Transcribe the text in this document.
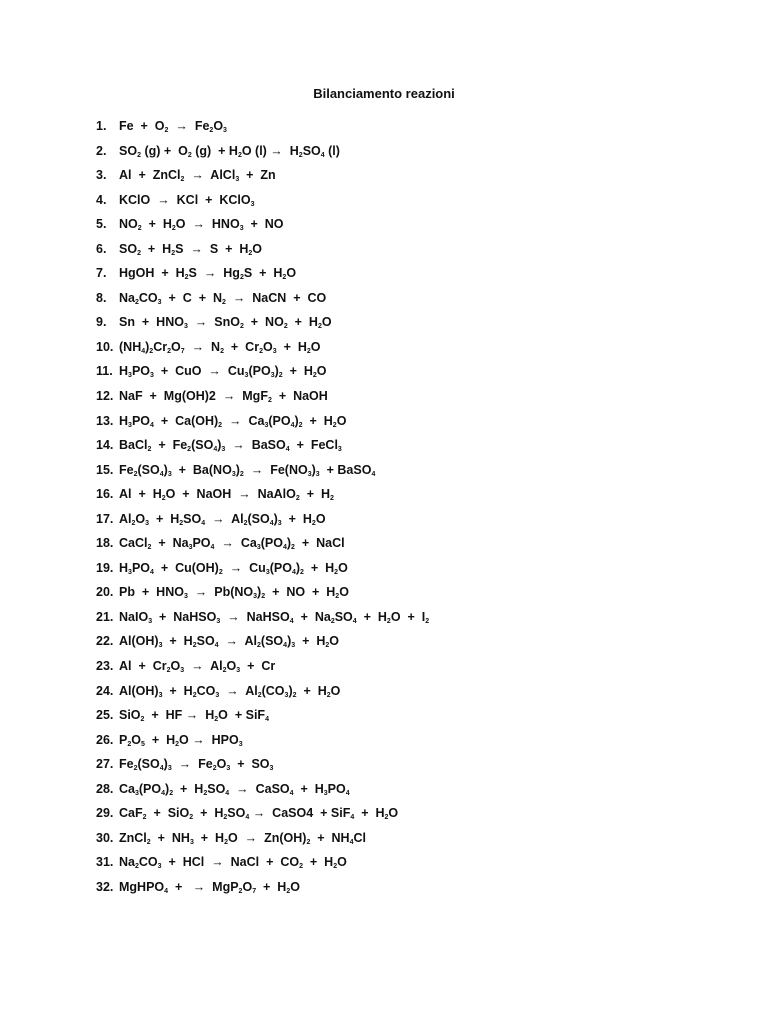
Bilanciamento reazioni
1. $Fe + O_2 \to Fe_2O_3$
2. $SO_2$ $(g) + O_2$ $(g) + H_2O$ $(l) \to H_2SO_4$ (l)
3. Al  +  ZnCl$_2$  →  AlCl$_3$  +  Zn
4. KClO  →  KCl  +  KClO$_3$
5. $NO_2 + H_2O \to HNO_3$  +  NO
6. $SO_2 + H_2S \to S + H_2O$
7. HgOH  +  $H_2S \to Hg_2S + H_2O$
8. $Na_2CO_3 + C + N_2$  →  NaCN  +  CO
9. $Sn + HNO_3 \to SnO_2 + NO_2 + H_2O$
10. $(NH_4)_2Cr_2O_7 \to N_2 + Cr_2O_3 + H_2O$
11. $H_3PO_3$  +  CuO  →  $Cu_3(PO_3)_2 + H_2O$
12. NaF  +  Mg(OH)2  →  MgF$_2$  +  NaOH
13. $H_3PO_4 + Ca(OH)_2 \to Ca_3(PO_4)_2 + H_2O$
14. BaCl$_2$  +  $Fe_2(SO_4)_3$  →  BaSO$_4$  +  FeCl$_3$
15. $Fe_2(SO_4)_3 + Ba(NO_3)_2 \to Fe(NO_3)_3$  + BaSO$_4$
16. $Al + H_2O$  +  NaOH  →  NaAlO$_2$  +  $H_2$
17. $Al_2O_3 + H_2SO_4 \to Al_2(SO_4)_3 + H_2O$
18. CaCl$_2$  +  $Na_3PO_4 \to Ca_3(PO_4)_2$  +  NaCl
19. $H_3PO_4 + Cu(OH)_2 \to Cu_3(PO_4)_2 + H_2O$
20. $Pb + HNO_3 \to Pb(NO_3)_2$  +  NO  +  $H_2O$
21. NaIO$_3$  +  NaHSO$_3$  →  NaHSO$_4$  +  $Na_2SO_4 + H_2O + I_2$
22. $Al(OH)_3 + H_2SO_4 \to Al_2(SO_4)_3 + H_2O$
23. $Al + Cr_2O_3 \to Al_2O_3 + Cr$
24. $Al(OH)_3 + H_2CO_3 \to Al_2(CO_3)_2 + H_2O$
25. SiO$_2$  +  HF →  $H_2O + SiF_4$
26. $P_2O_5 + H_2O \to HPO_3$
27. $Fe_2(SO_4)_3 \to Fe_2O_3 + SO_3$
28. $Ca_3(PO_4)_2 + H_2SO_4$  →  CaSO$_4$  +  $H_3PO_4$
29. $CaF_2 + SiO_2 + H_2SO_4$ →  CaSO4  + $SiF_4 + H_2O$
30. ZnCl$_2$  +  $NH_3 + H_2O \to Zn(OH)_2 + NH_4Cl$
31. $Na_2CO_3$  +  HCl  →  NaCl  +  $CO_2 + H_2O$
32. MgHPO$_4$  +   →  $MgP_2O_7 + H_2O$
